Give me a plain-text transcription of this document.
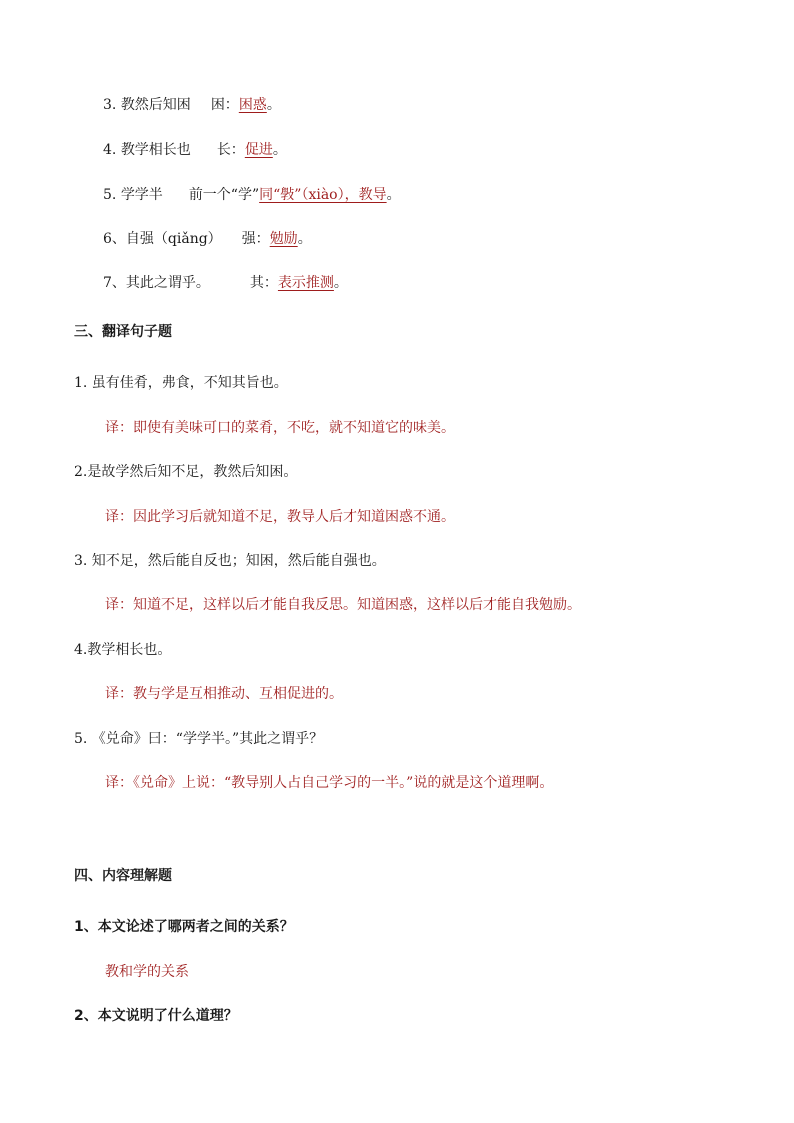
3. 教然后知困 困：困惑。
4. 教学相长也 长：促进。
5. 学学半 前一个“学”同“斅”（xiào），教导。
6、自强（qiǎng） 强：勉励。
7、其此之谓乎。	其：表示推测。
三、翻译句子题
1. 虽有佳肴，弗食，不知其旨也。
译：即使有美味可口的菜肴，不吃，就不知道它的味美。
2.是故学然后知不足，教然后知困。
译：因此学习后就知道不足，教导人后才知道困惑不通。
3. 知不足，然后能自反也；知困，然后能自强也。
译：知道不足，这样以后才能自我反思。知道困惑，这样以后才能自我勉励。
4.教学相长也。
译：教与学是互相推动、互相促进的。
5. 《兑命》曰：“学学半。”其此之谓乎？
译：《兑命》上说：“教导别人占自己学习的一半。”说的就是这个道理啊。
四、内容理解题
1、本文论述了哪两者之间的关系？
教和学的关系
2、本文说明了什么道理？
